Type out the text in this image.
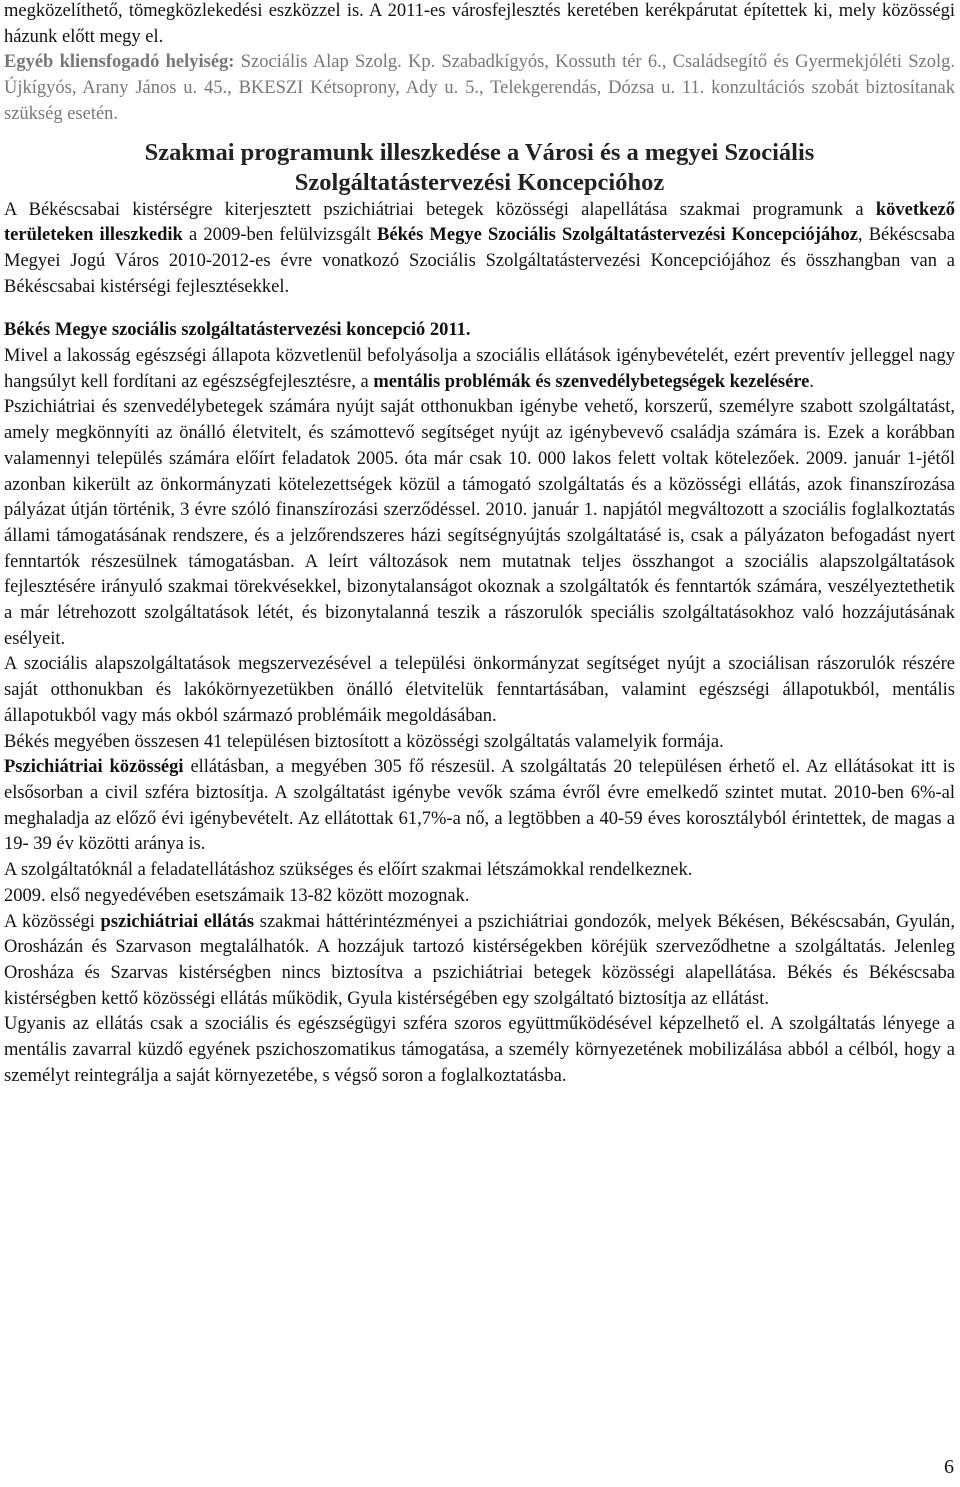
megközelíthető, tömegközlekedési eszközzel is. A 2011-es városfejlesztés keretében kerékpárutat építettek ki, mely közösségi házunk előtt megy el.
Egyéb kliensfogadó helyiség: Szociális Alap Szolg. Kp. Szabadkígyós, Kossuth tér 6., Családsegítő és Gyermekjóléti Szolg. Újkígyós, Arany János u. 45., BKESZI Kétsoprony, Ady u. 5., Telekgerendás, Dózsa u. 11. konzultációs szobát biztosítanak szükség esetén.

Szakmai programunk illeszkedése a Városi és a megyei Szociális
Szolgáltatástervezési Koncepcióhoz

A Békéscsabai kistérségre kiterjesztett pszichiátriai betegek közösségi alapellátása szakmai programunk a következő területeken illeszkedik a 2009-ben felülvizsgált Békés Megye Szociális Szolgáltatástervezési Koncepciójához, Békéscsaba Megyei Jogú Város 2010-2012-es évre vonatkozó Szociális Szolgáltatástervezési Koncepciójához és összhangban van a Békéscsabai kistérségi fejlesztésekkel.

Békés Megye szociális szolgáltatástervezési koncepció 2011.

Mivel a lakosság egészségi állapota közvetlenül befolyásolja a szociális ellátások igénybevételét, ezért preventív jelleggel nagy hangsúlyt kell fordítani az egészségfejlesztésre, a mentális problémák és szenvedélybetegségek kezelésére.

Pszichiátriai és szenvedélybetegek számára nyújt saját otthonukban igénybe vehető, korszerű, személyre szabott szolgáltatást, amely megkönnyíti az önálló életvitelt, és számottevő segítséget nyújt az igénybevevő családja számára is. Ezek a korábban valamennyi település számára előírt feladatok 2005. óta már csak 10. 000 lakos felett voltak kötelezőek. 2009. január 1-jétől azonban kikerült az önkormányzati kötelezettségek közül a támogató szolgáltatás és a közösségi ellátás, azok finanszírozása pályázat útján történik, 3 évre szóló finanszírozási szerződéssel. 2010. január 1. napjától megváltozott a szociális foglalkoztatás állami támogatásának rendszere, és a jelzőrendszeres házi segítségnyújtás szolgáltatásé is, csak a pályázaton befogadást nyert fenntartók részesülnek támogatásban. A leírt változások nem mutatnak teljes összhangot a szociális alapszolgáltatások fejlesztésére irányuló szakmai törekvésekkel, bizonytalanságot okoznak a szolgáltatók és fenntartók számára, veszélyeztethetik a már létrehozott szolgáltatások létét, és bizonytalanná teszik a rászorulók speciális szolgáltatásokhoz való hozzájutásának esélyeit.

A szociális alapszolgáltatások megszervezésével a települési önkormányzat segítséget nyújt a szociálisan rászorulók részére saját otthonukban és lakókörnyezetükben önálló életvitelük fenntartásában, valamint egészségi állapotukból, mentális állapotukból vagy más okból származó problémáik megoldásában.

Békés megyében összesen 41 településen biztosított a közösségi szolgáltatás valamelyik formája.

Pszichiátriai közösségi ellátásban, a megyében 305 fő részesül. A szolgáltatás 20 településen érhető el. Az ellátásokat itt is elsősorban a civil szféra biztosítja. A szolgáltatást igénybe vevők száma évről évre emelkedő szintet mutat. 2010-ben 6%-al meghaladja az előző évi igénybevételt. Az ellátottak 61,7%-a nő, a legtöbben a 40-59 éves korosztályból érintettek, de magas a 19- 39 év közötti aránya is.

A szolgáltatóknál a feladatellátáshoz szükséges és előírt szakmai létszámokkal rendelkeznek.

2009. első negyedévében esetszámaik 13-82 között mozognak.

A közösségi pszichiátriai ellátás szakmai háttérintézményei a pszichiátriai gondozók, melyek Békésen, Békéscsabán, Gyulán, Orosházán és Szarvason megtalálhatók. A hozzájuk tartozó kistérségekben köréjük szerveződhetne a szolgáltatás. Jelenleg Orosháza és Szarvas kistérségben nincs biztosítva a pszichiátriai betegek közösségi alapellátása. Békés és Békéscsaba kistérségben kettő közösségi ellátás működik, Gyula kistérségében egy szolgáltató biztosítja az ellátást.

Ugyanis az ellátás csak a szociális és egészségügyi szféra szoros együttműködésével képzelhető el. A szolgáltatás lényege a mentális zavarral küzdő egyének pszichoszomatikus támogatása, a személy környezetének mobilizálása abból a célból, hogy a személyt reintegrálja a saját környezetébe, s végső soron a foglalkoztatásba.

6
